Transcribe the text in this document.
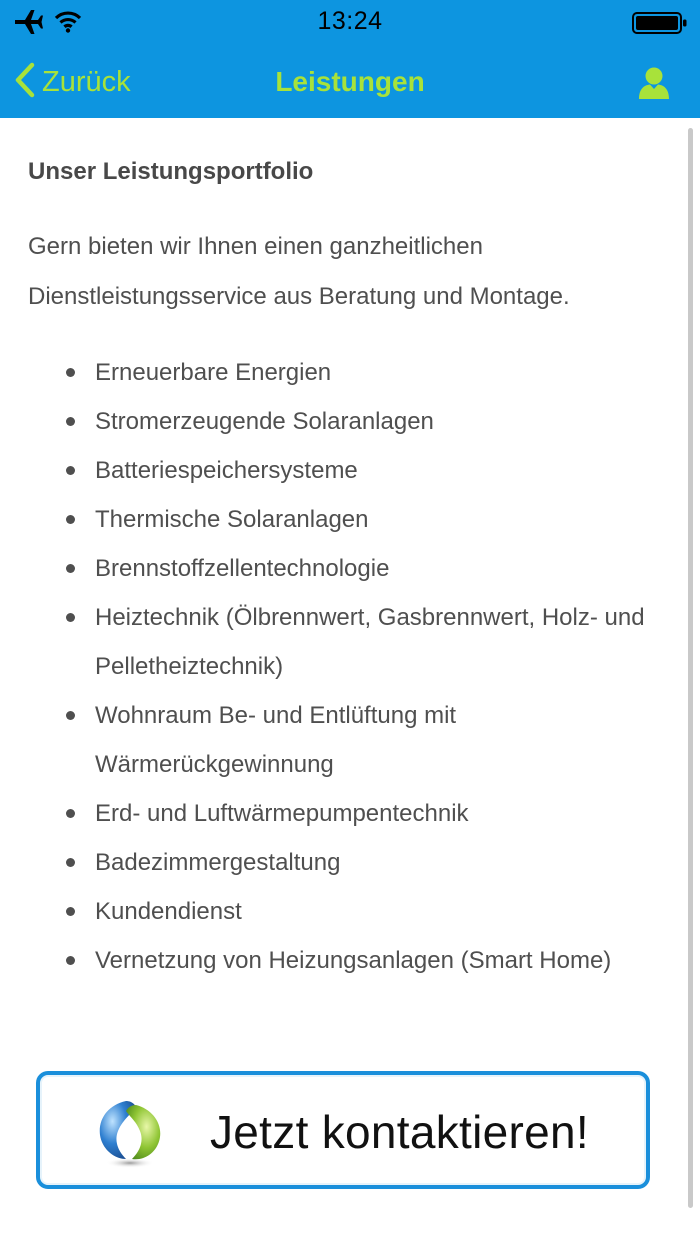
13:24
Zurück	Leistungen
Unser Leistungsportfolio

Gern bieten wir Ihnen einen ganzheitlichen Dienstleistungsservice aus Beratung und Montage.

Erneuerbare Energien
Stromerzeugende Solaranlagen
Batteriespeichersysteme
Thermische Solaranlagen
Brennstoffzellentechnologie
Heiztechnik (Ölbrennwert, Gasbrennwert, Holz- und Pelletheiztechnik)
Wohnraum Be- und Entlüftung mit Wärmerückgewinnung
Erd- und Luftwärmepumpentechnik
Badezimmergestaltung
Kundendienst
Vernetzung von Heizungsanlagen (Smart Home)
Jetzt kontaktieren!
